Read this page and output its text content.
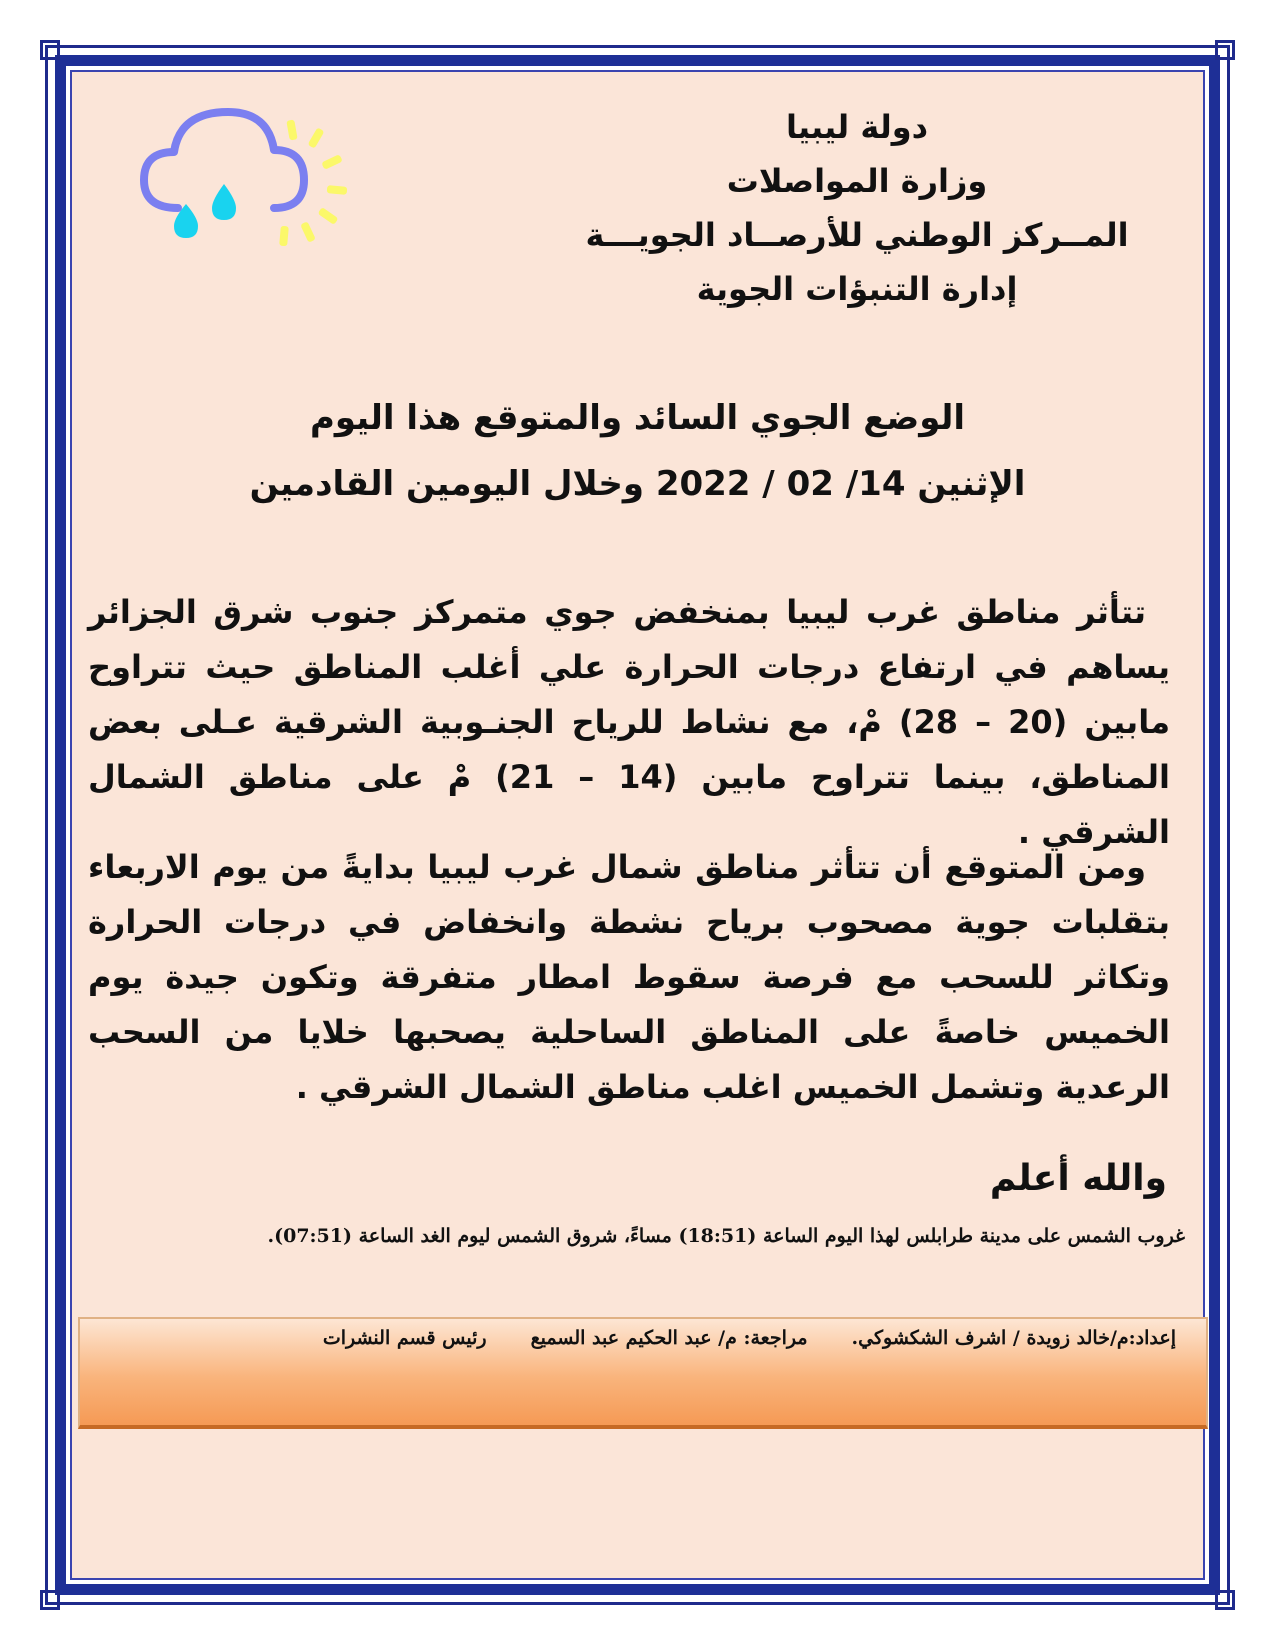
دولة ليبيا
وزارة المواصلات
المــركز الوطني للأرصــاد الجويـــة
إدارة التنبؤات الجوية
الوضع الجوي السائد والمتوقع هذا اليوم
الإثنين 14/ 02 / 2022 وخلال اليومين القادمين
تتأثر مناطق غرب ليبيا بمنخفض جوي متمركز جنوب شرق الجزائر يساهم في ارتفاع درجات الحرارة علي أغلب المناطق حيث تتراوح مابين (20 – 28) مْ، مع نشاط للرياح الجنـوبية الشرقية عـلى بعض المناطق، بينما تتراوح مابين (14 – 21) مْ على مناطق الشمال الشرقي .
ومن المتوقع أن تتأثر مناطق شمال غرب ليبيا بدايةً من يوم الاربعاء بتقلبات جوية مصحوب برياح نشطة وانخفاض في درجات الحرارة وتكاثر للسحب مع فرصة سقوط امطار متفرقة وتكون جيدة يوم الخميس خاصةً على المناطق الساحلية يصحبها خلايا من السحب الرعدية وتشمل الخميس اغلب مناطق الشمال الشرقي .
والله أعلم
غروب الشمس على مدينة طرابلس لهذا اليوم الساعة (18:51) مساءً، شروق الشمس ليوم الغد الساعة (07:51).
إعداد:م/خالد زويدة / اشرف الشكشوكي.
مراجعة: م/ عبد الحكيم عبد السميع
رئيس قسم النشرات
